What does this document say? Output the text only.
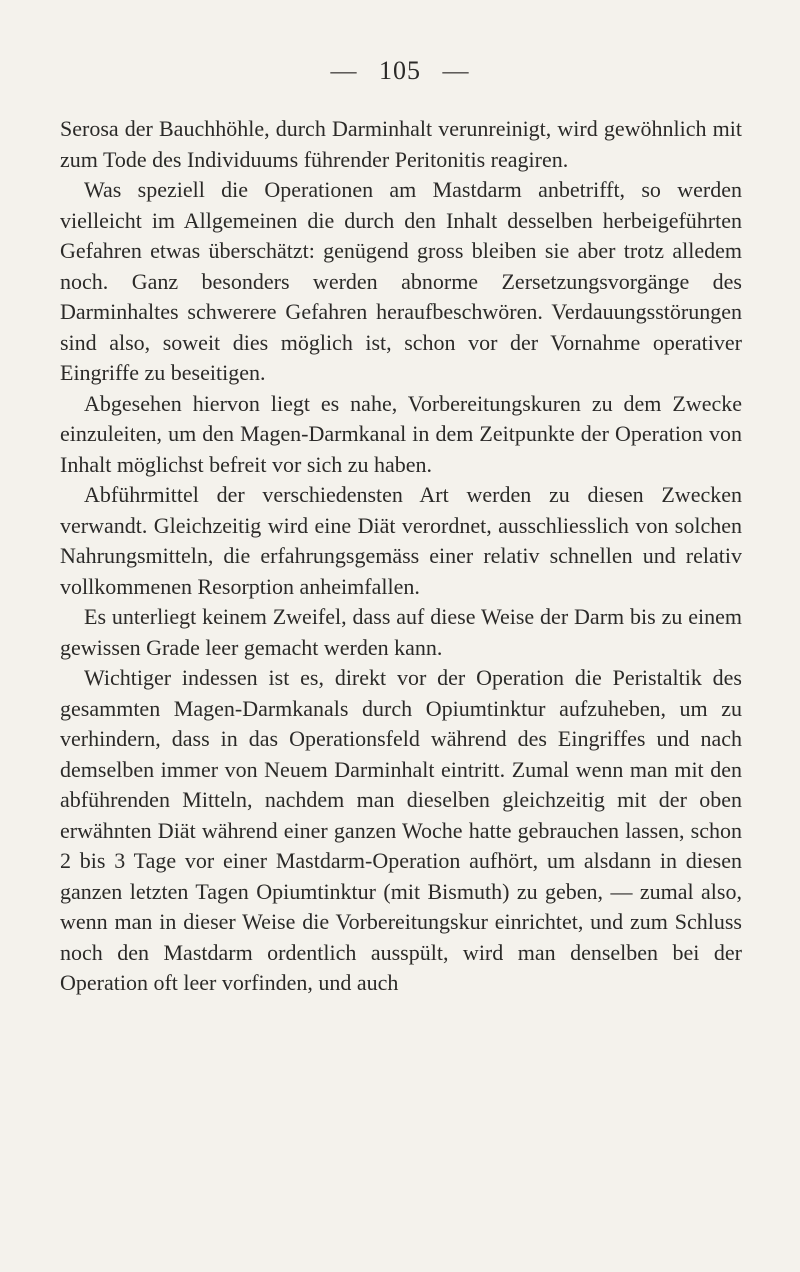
— 105 —

Serosa der Bauchhöhle, durch Darminhalt verunreinigt, wird gewöhnlich mit zum Tode des Individuums führender Peritonitis reagiren.

Was speziell die Operationen am Mastdarm anbetrifft, so werden vielleicht im Allgemeinen die durch den Inhalt desselben herbeigeführten Gefahren etwas überschätzt: genügend gross bleiben sie aber trotz alledem noch. Ganz besonders werden abnorme Zersetzungsvorgänge des Darminhaltes schwerere Gefahren heraufbeschwören. Verdauungsstörungen sind also, soweit dies möglich ist, schon vor der Vornahme operativer Eingriffe zu beseitigen.

Abgesehen hiervon liegt es nahe, Vorbereitungskuren zu dem Zwecke einzuleiten, um den Magen-Darmkanal in dem Zeitpunkte der Operation von Inhalt möglichst befreit vor sich zu haben.

Abführmittel der verschiedensten Art werden zu diesen Zwecken verwandt. Gleichzeitig wird eine Diät verordnet, ausschliesslich von solchen Nahrungsmitteln, die erfahrungsgemäss einer relativ schnellen und relativ vollkommenen Resorption anheimfallen.

Es unterliegt keinem Zweifel, dass auf diese Weise der Darm bis zu einem gewissen Grade leer gemacht werden kann.

Wichtiger indessen ist es, direkt vor der Operation die Peristaltik des gesammten Magen-Darmkanals durch Opiumtinktur aufzuheben, um zu verhindern, dass in das Operationsfeld während des Eingriffes und nach demselben immer von Neuem Darminhalt eintritt. Zumal wenn man mit den abführenden Mitteln, nachdem man dieselben gleichzeitig mit der oben erwähnten Diät während einer ganzen Woche hatte gebrauchen lassen, schon 2 bis 3 Tage vor einer Mastdarm-Operation aufhört, um alsdann in diesen ganzen letzten Tagen Opiumtinktur (mit Bismuth) zu geben, — zumal also, wenn man in dieser Weise die Vorbereitungskur einrichtet, und zum Schluss noch den Mastdarm ordentlich ausspült, wird man denselben bei der Operation oft leer vorfinden, und auch
